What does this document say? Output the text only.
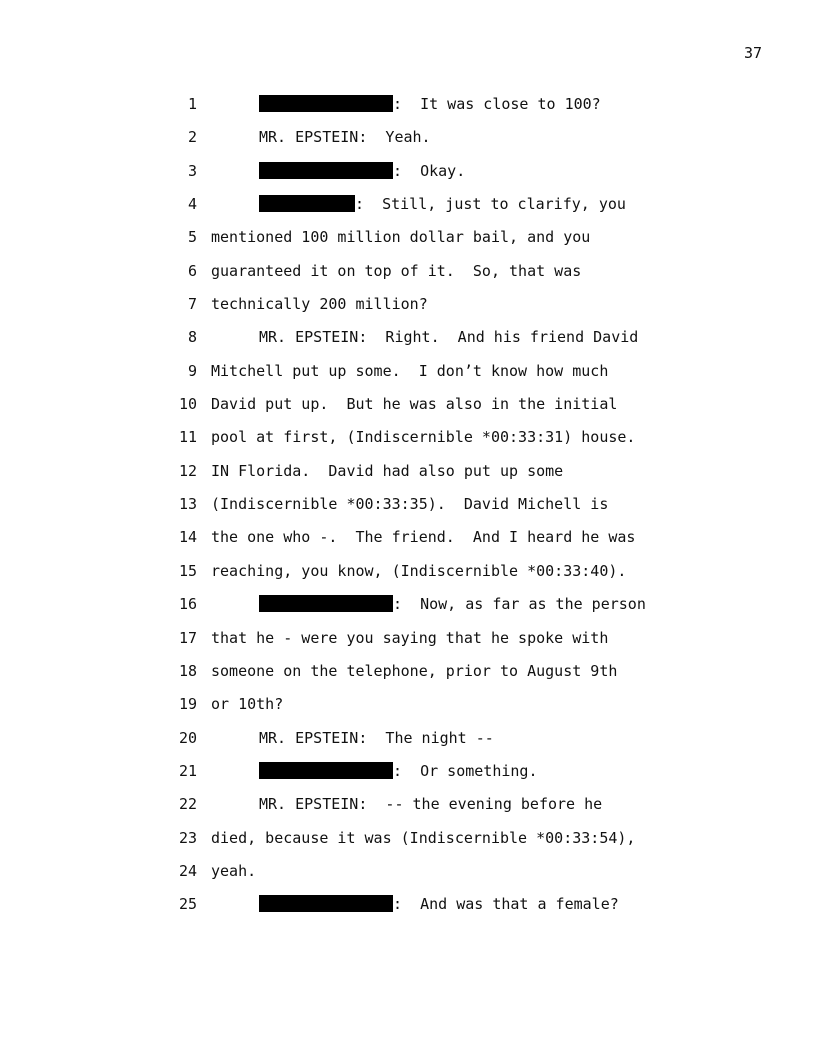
37
1	:  It was close to 100?
2	MR. EPSTEIN:  Yeah.
3	:  Okay.
4	:  Still, just to clarify, you
5 mentioned 100 million dollar bail, and you
6 guaranteed it on top of it.  So, that was
7 technically 200 million?
8	MR. EPSTEIN:  Right.  And his friend David
9 Mitchell put up some.  I don’t know how much
10 David put up.  But he was also in the initial
11 pool at first, (Indiscernible *00:33:31) house.
12 IN Florida.  David had also put up some
13 (Indiscernible *00:33:35).  David Michell is
14 the one who -.  The friend.  And I heard he was
15 reaching, you know, (Indiscernible *00:33:40).
16	:  Now, as far as the person
17 that he - were you saying that he spoke with
18 someone on the telephone, prior to August 9th
19 or 10th?
20	MR. EPSTEIN:  The night --
21	:  Or something.
22	MR. EPSTEIN:  -- the evening before he
23 died, because it was (Indiscernible *00:33:54),
24 yeah.
25	:  And was that a female?
